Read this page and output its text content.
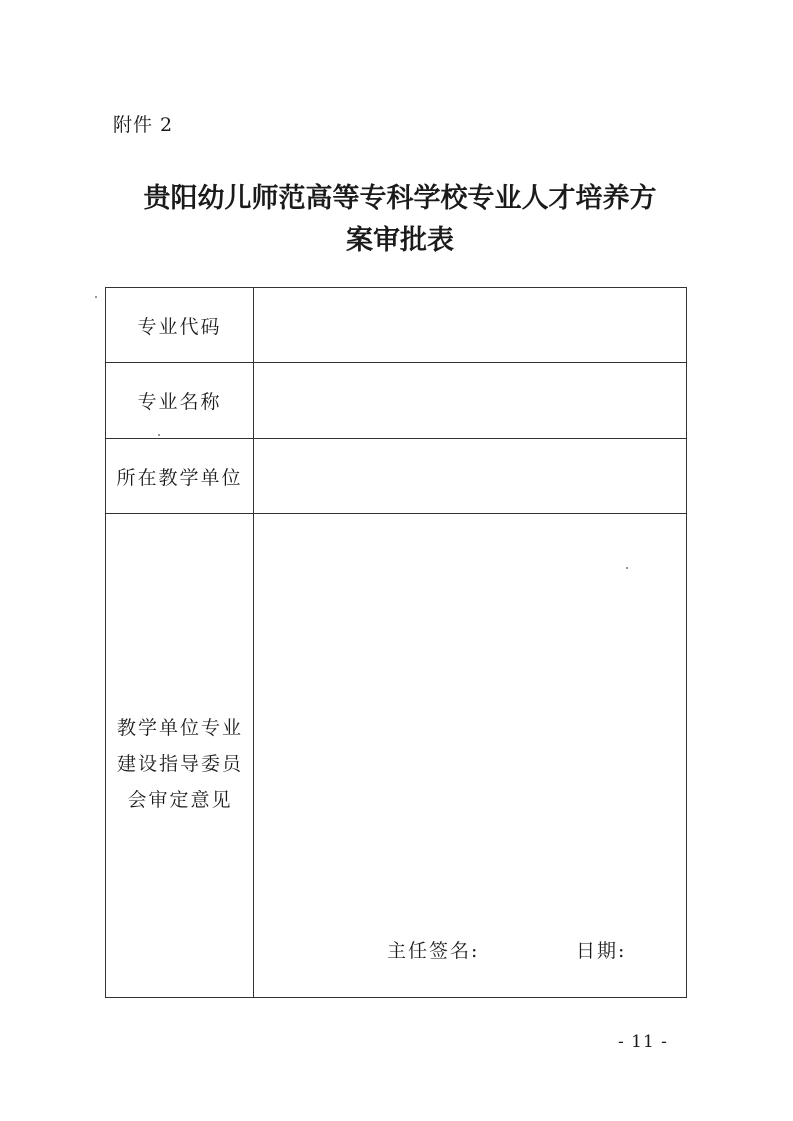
附件 2
贵阳幼儿师范高等专科学校专业人才培养方
案审批表
专业代码
专业名称
所在教学单位
教学单位专业
建设指导委员
会审定意见
主任签名:	日期:
- 11 -
